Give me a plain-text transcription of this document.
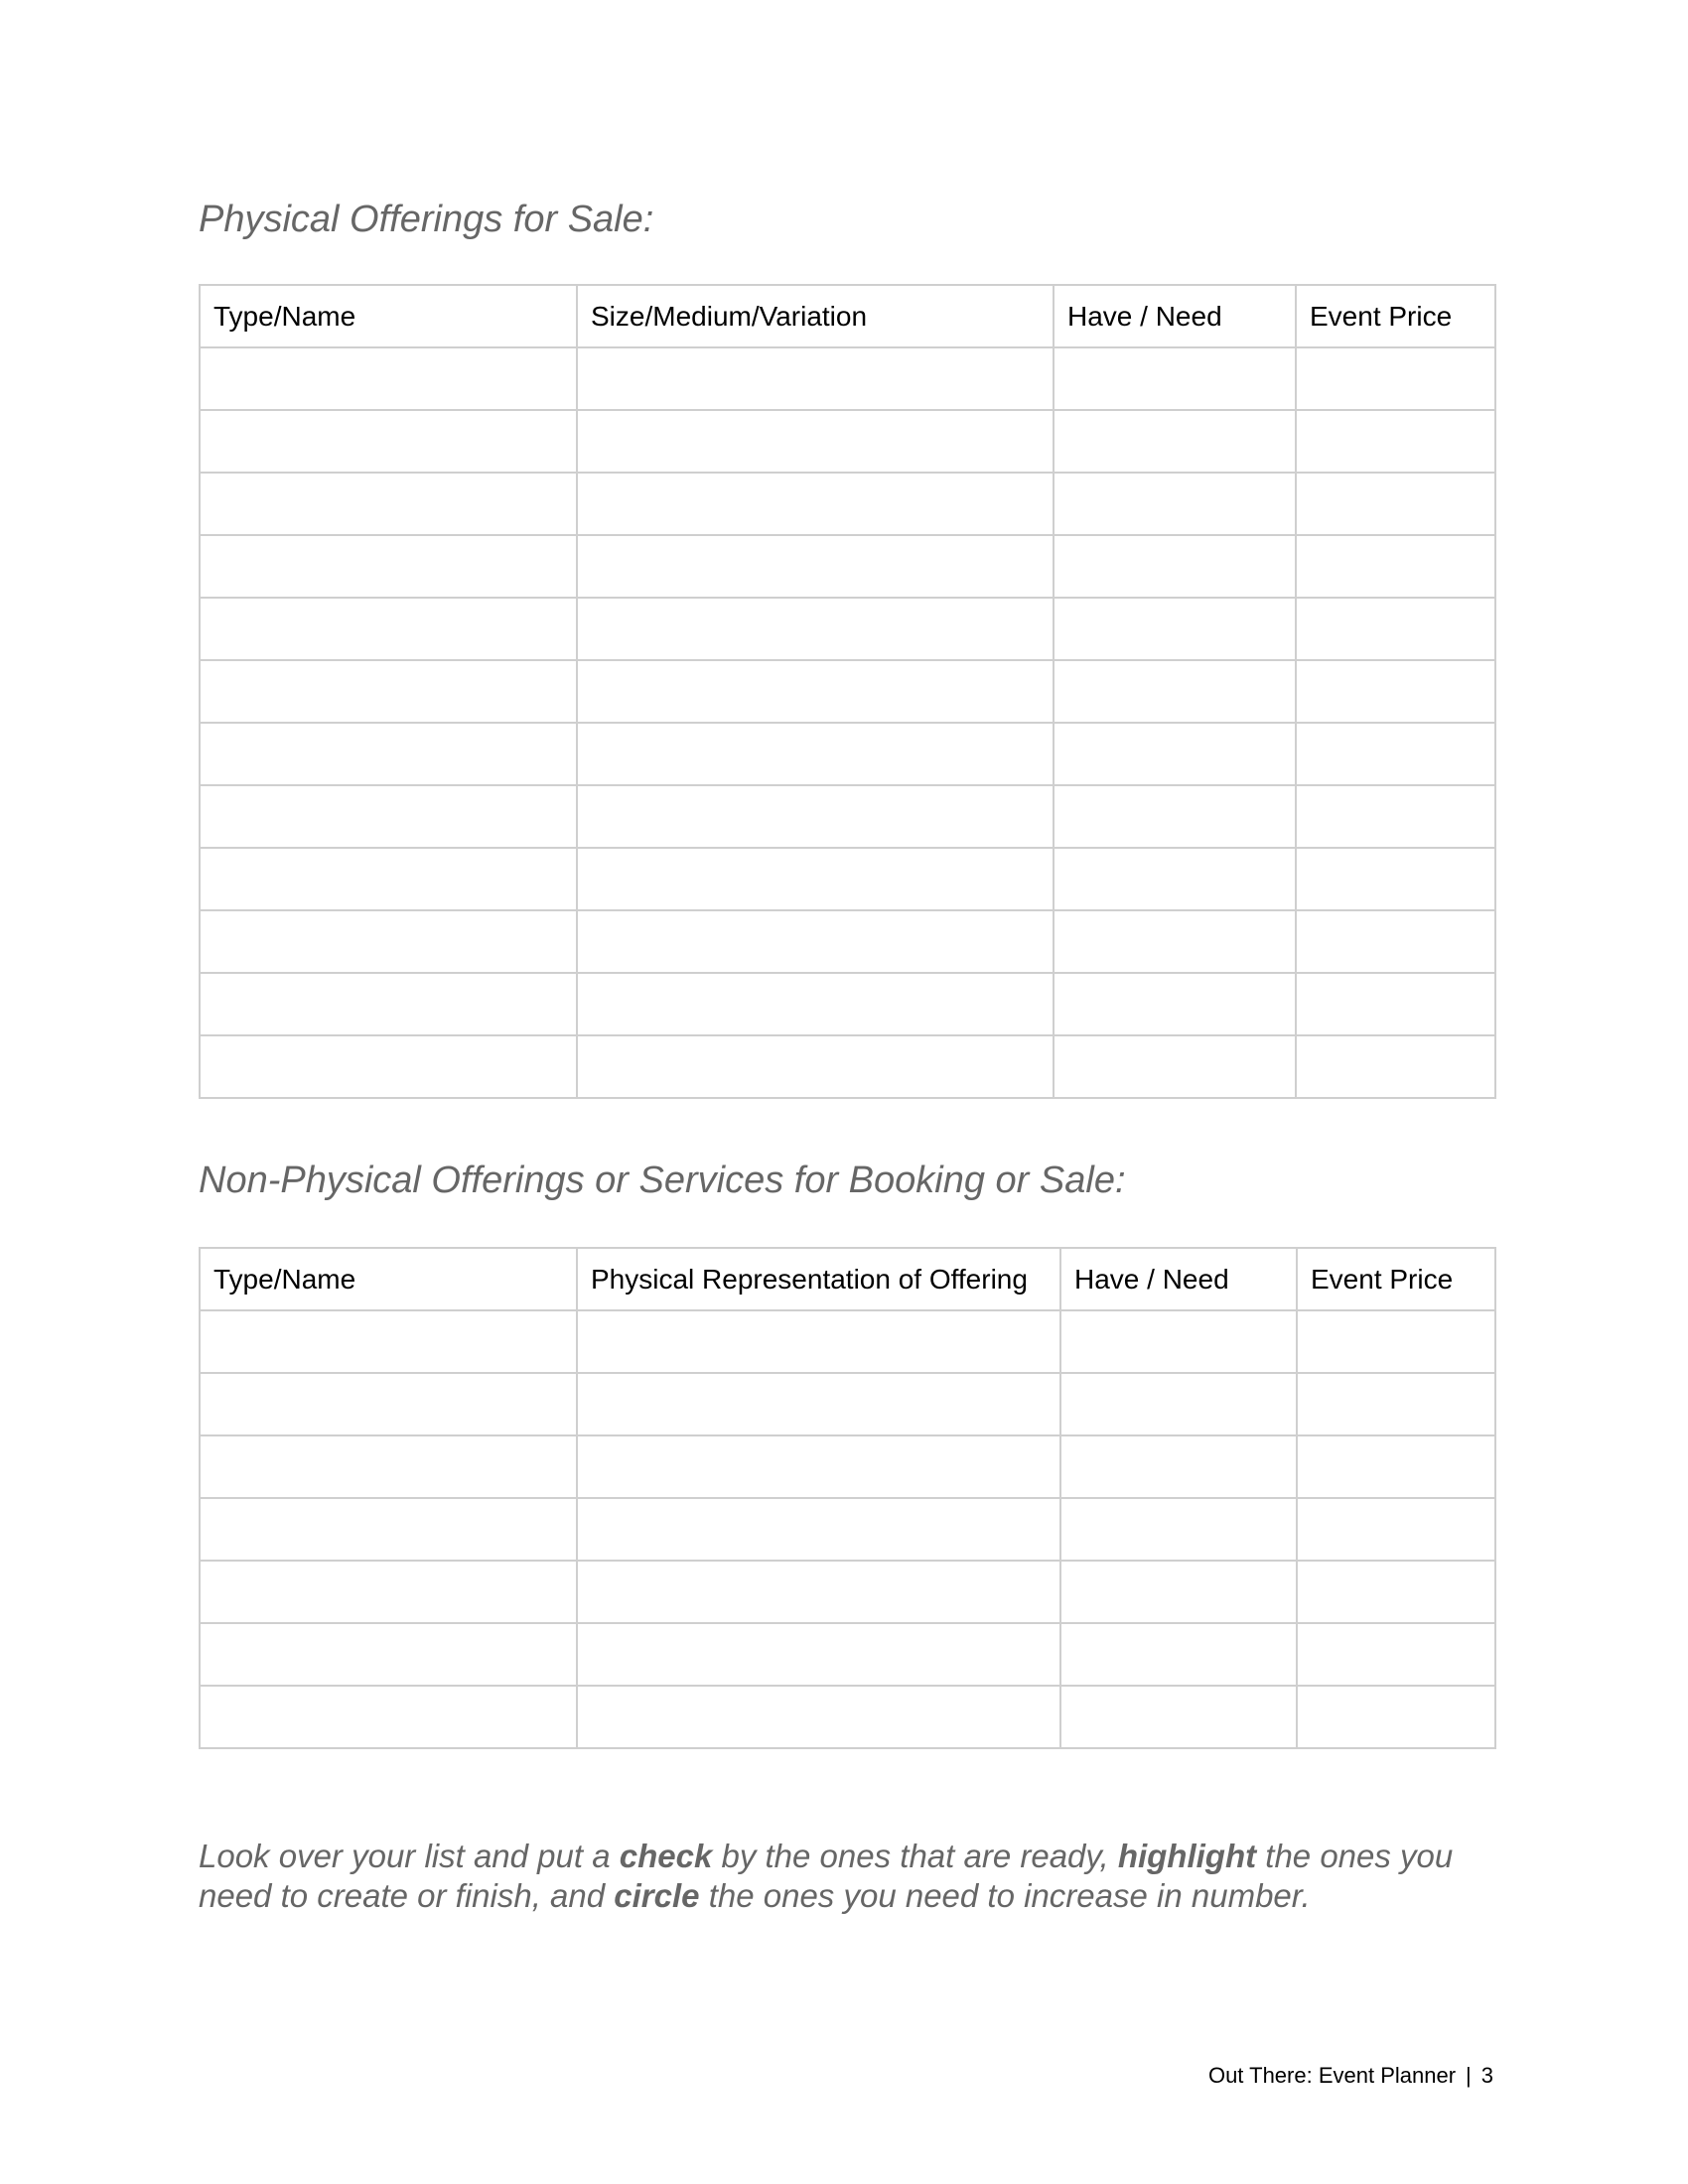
Physical Offerings for Sale:
Type/Name	Size/Medium/Variation	Have / Need	Event Price

Non-Physical Offerings or Services for Booking or Sale:
Type/Name	Physical Representation of Offering	Have / Need	Event Price

Look over your list and put a check by the ones that are ready, highlight the ones you need to create or finish, and circle the ones you need to increase in number.

Out There: Event Planner | 3
